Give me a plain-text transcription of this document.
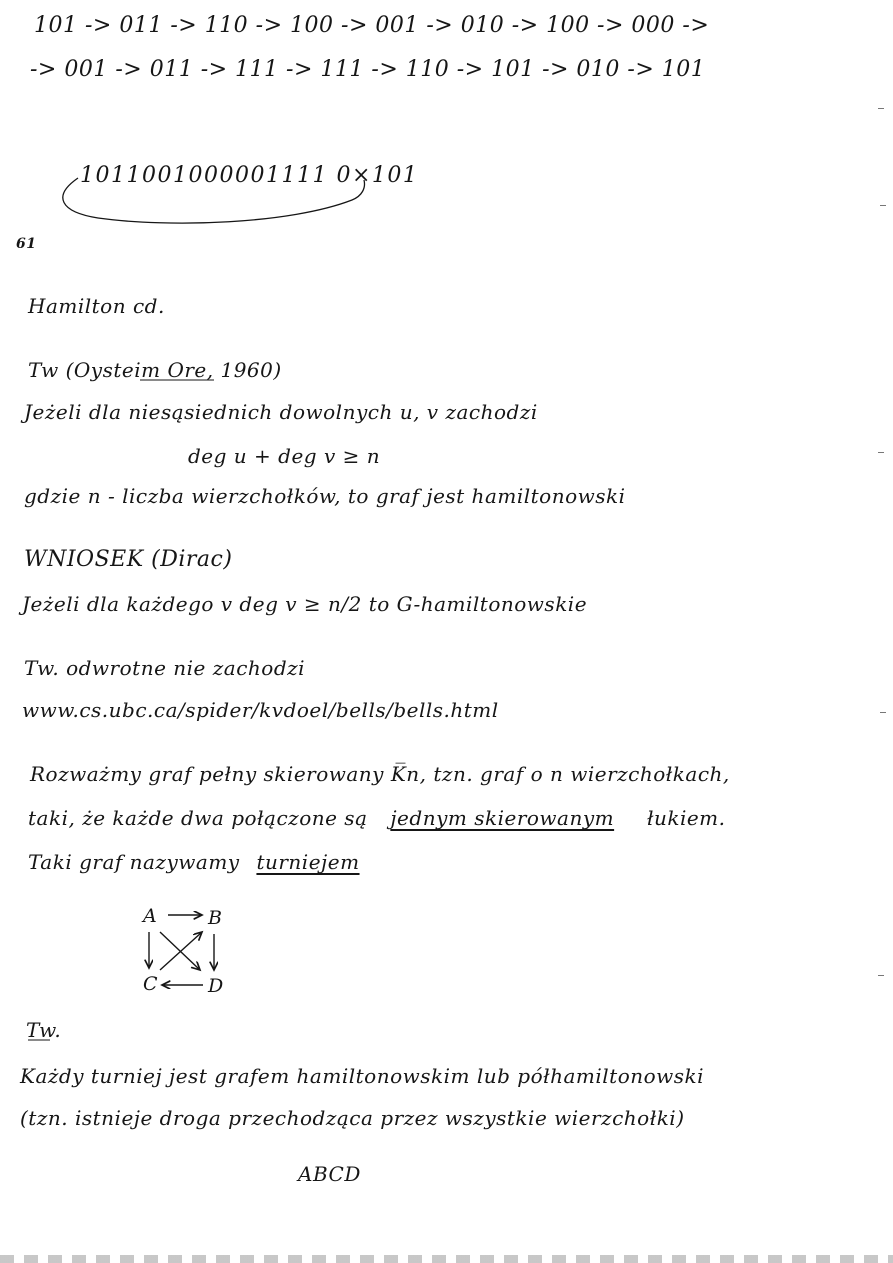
101 -> 011 -> 110 -> 100 -> 001 -> 010 -> 100 -> 000 ->
-> 001 -> 011 -> 111 -> 111 -> 110 -> 101 -> 010 -> 101
1011001000001111 0×101
61
Hamilton cd.
Tw (Oysteim Ore, 1960)
Jeżeli dla niesąsiednich dowolnych u, v zachodzi
deg u + deg v ≥ n
gdzie n - liczba wierzchołków, to graf jest hamiltonowski
WNIOSEK (Dirac)
Jeżeli dla każdego v deg v ≥ n/2 to G-hamiltonowskie
Tw. odwrotne nie zachodzi
www.cs.ubc.ca/spider/kvdoel/bells/bells.html
Rozważmy graf pełny skierowany K̅n, tzn. graf o n wierzchołkach,
taki, że każde dwa połączone są jednym skierowanym łukiem.
Taki graf nazywamy turniejem
A	B
C	D
Tw.
Każdy turniej jest grafem hamiltonowskim lub półhamiltonowski
(tzn. istnieje droga przechodząca przez wszystkie wierzchołki)
ABCD
